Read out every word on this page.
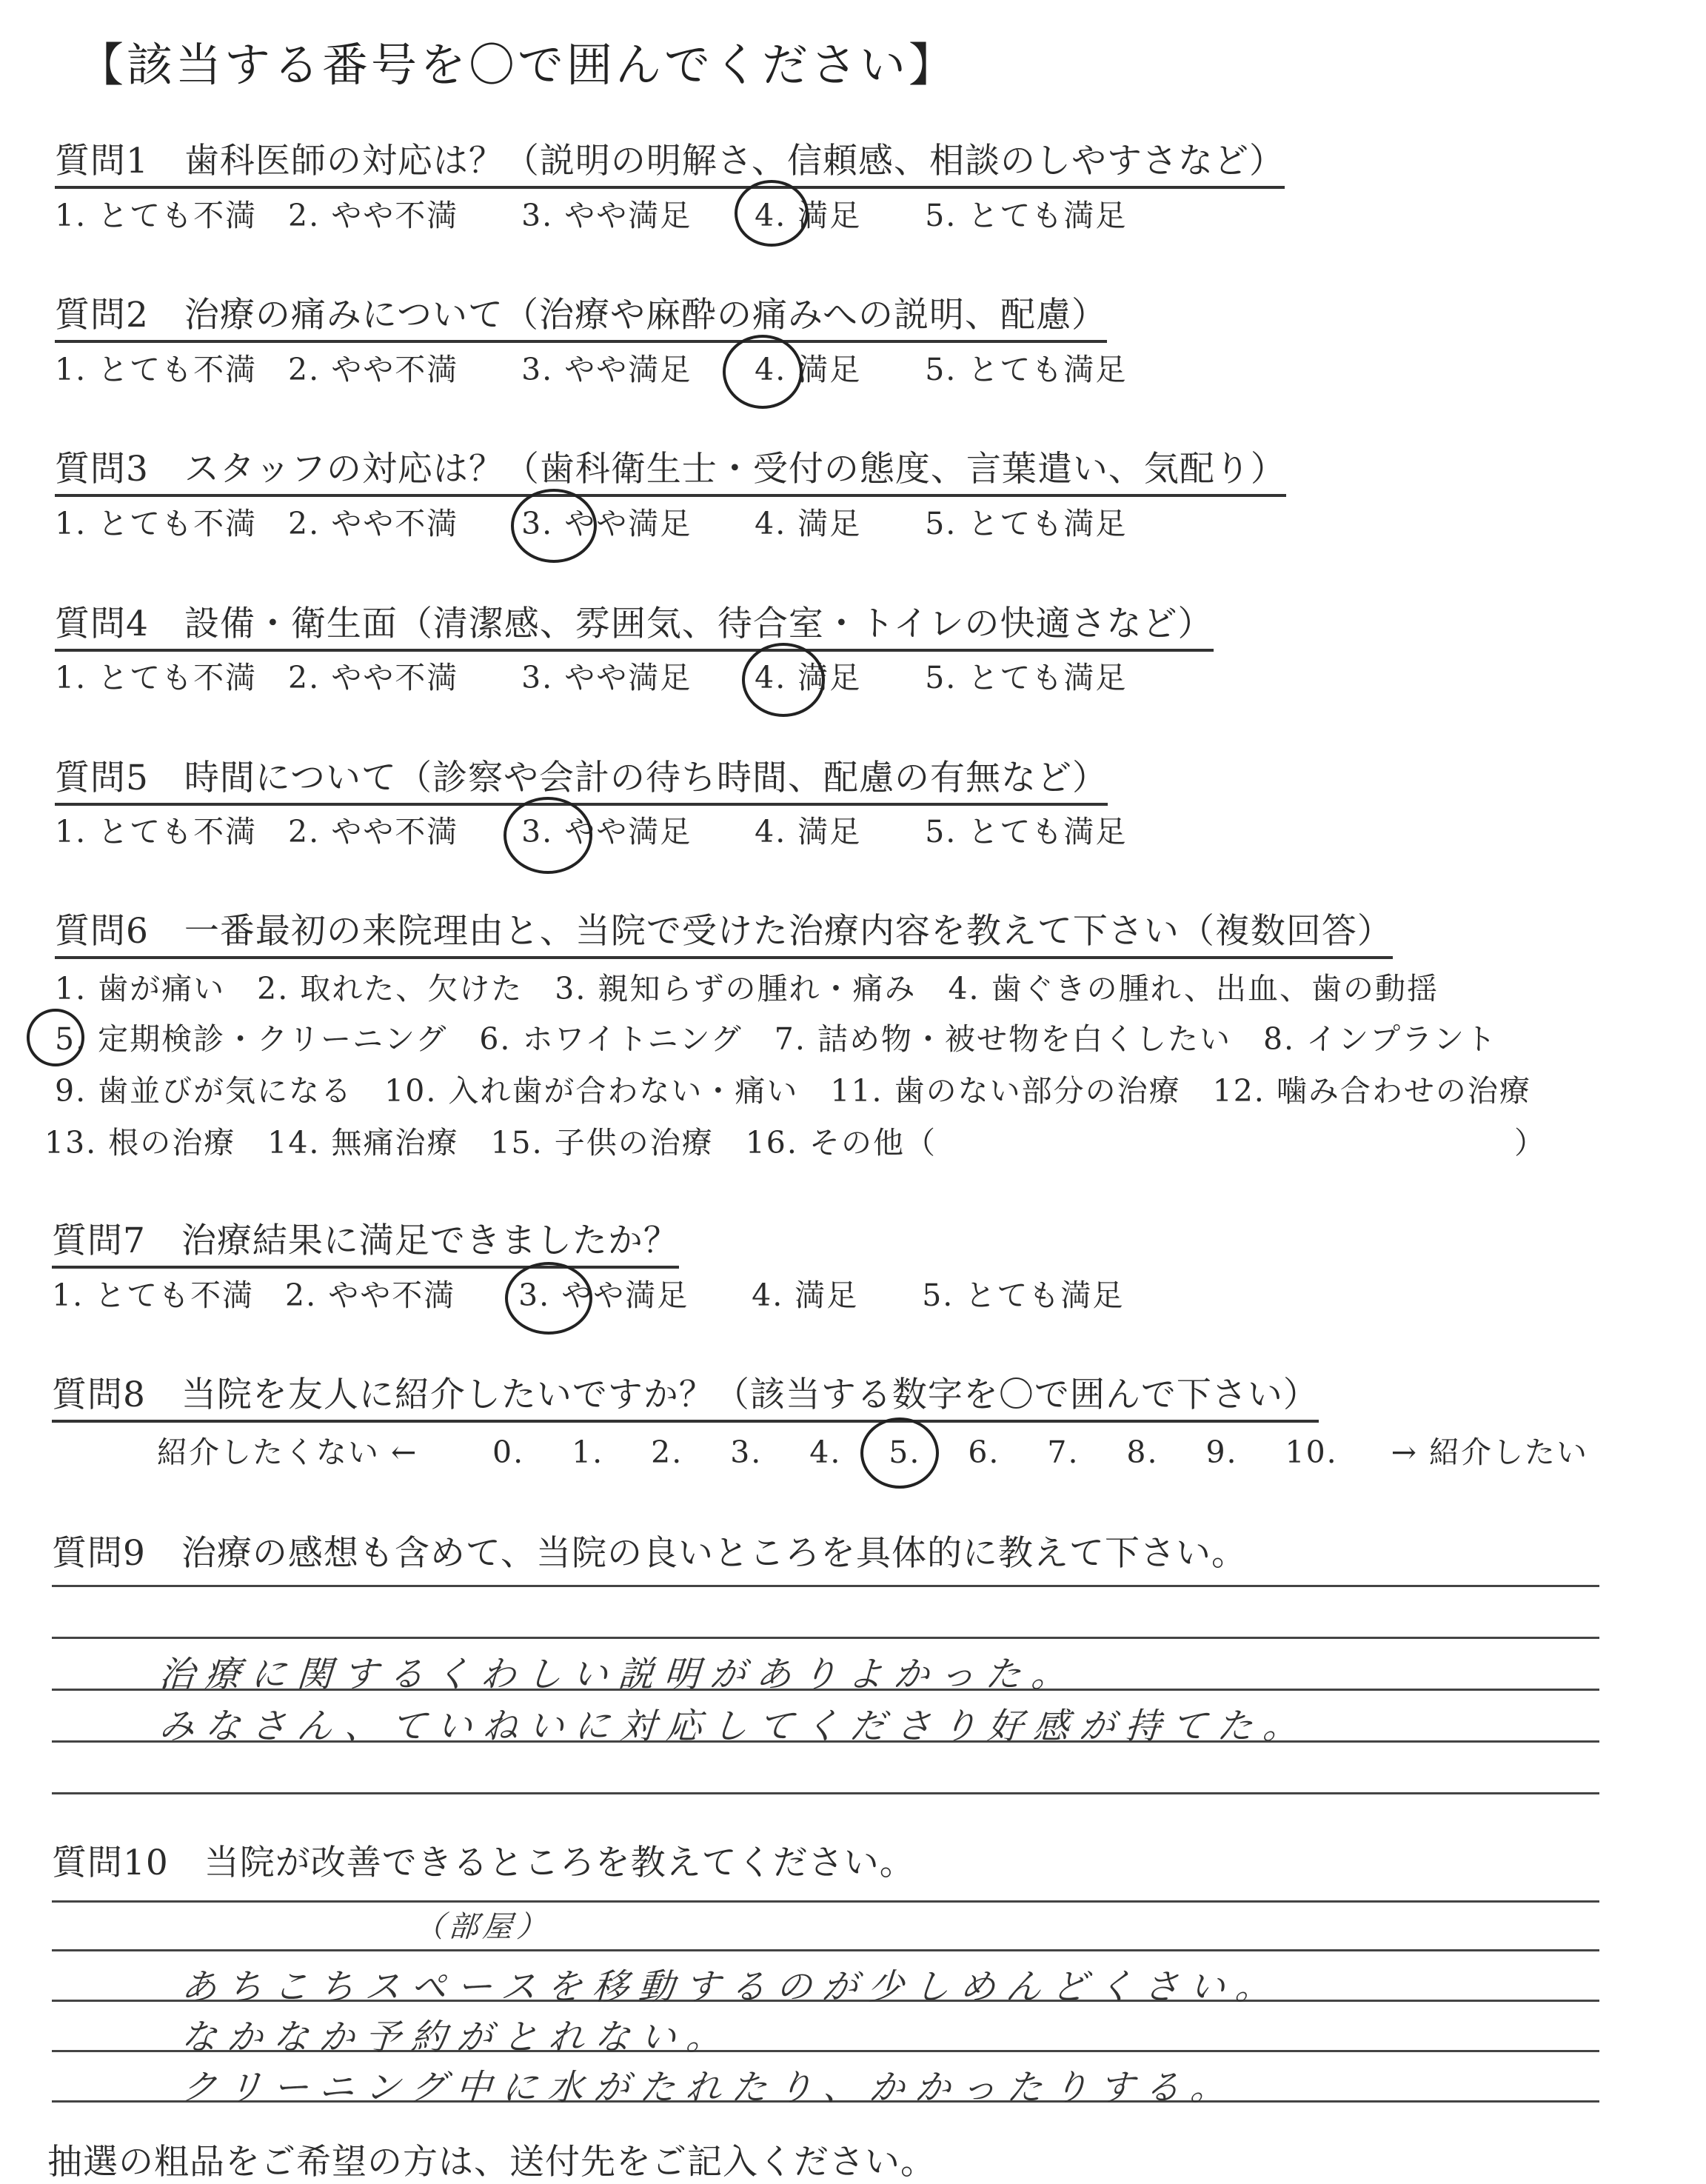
【該当する番号を〇で囲んでください】
質問1　歯科医師の対応は？（説明の明解さ、信頼感、相談のしやすさなど）
1. とても不満 2. やや不満 3. やや満足 4. 満足 5. とても満足
質問2　治療の痛みについて（治療や麻酔の痛みへの説明、配慮）
1. とても不満 2. やや不満 3. やや満足 4. 満足 5. とても満足
質問3　スタッフの対応は？（歯科衛生士・受付の態度、言葉遣い、気配り）
1. とても不満 2. やや不満 3. やや満足 4. 満足 5. とても満足
質問4　設備・衛生面（清潔感、雰囲気、待合室・トイレの快適さなど）
1. とても不満 2. やや不満 3. やや満足 4. 満足 5. とても満足
質問5　時間について（診察や会計の待ち時間、配慮の有無など）
1. とても不満 2. やや不満 3. やや満足 4. 満足 5. とても満足
質問6　一番最初の来院理由と、当院で受けた治療内容を教えて下さい（複数回答）
1. 歯が痛い　2. 取れた、欠けた　3. 親知らずの腫れ・痛み　4. 歯ぐきの腫れ、出血、歯の動揺
5. 定期検診・クリーニング　6. ホワイトニング　7. 詰め物・被せ物を白くしたい　8. インプラント
9. 歯並びが気になる　10. 入れ歯が合わない・痛い　11. 歯のない部分の治療　12. 噛み合わせの治療
13. 根の治療　14. 無痛治療　15. 子供の治療　16. その他（	）
質問7　治療結果に満足できましたか？
1. とても不満 2. やや不満 3. やや満足 4. 満足 5. とても満足
質問8　当院を友人に紹介したいですか？（該当する数字を〇で囲んで下さい）
紹介したくない ← 0. 1. 2. 3. 4. 5. 6. 7. 8. 9. 10. → 紹介したい
質問9　治療の感想も含めて、当院の良いところを具体的に教えて下さい。
治療に関するくわしい説明がありよかった。
みなさん、ていねいに対応してくださり好感が持てた。
質問10　当院が改善できるところを教えてください。
（部屋）
あちこちスペースを移動するのが少しめんどくさい。
なかなか予約がとれない。
クリーニング中に水がたれたり、かかったりする。
抽選の粗品をご希望の方は、送付先をご記入ください。
